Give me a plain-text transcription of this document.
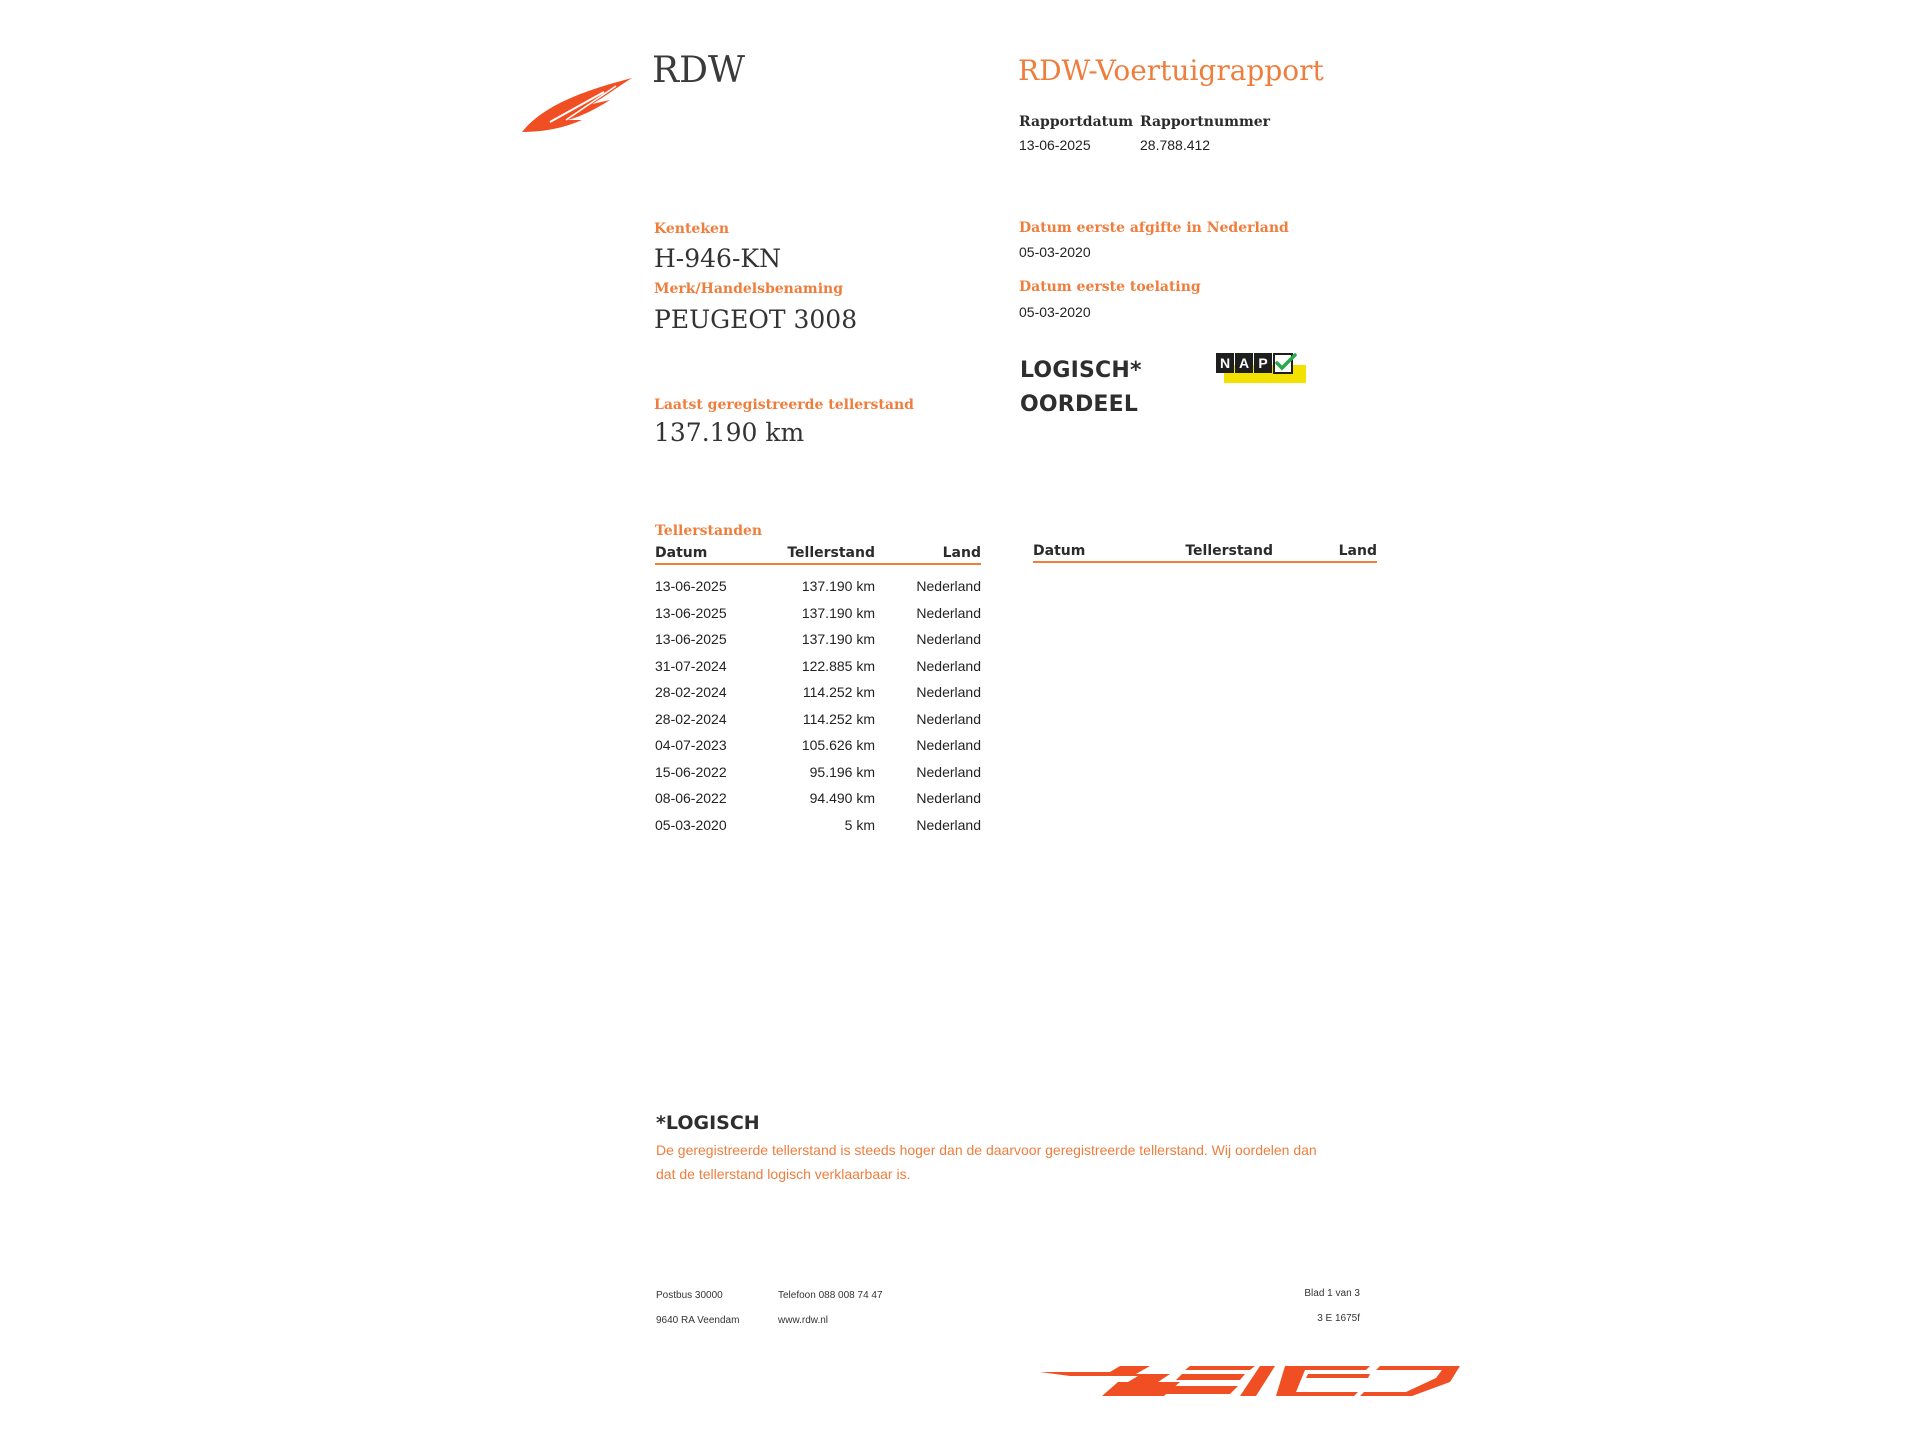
RDW	RDW-Voertuigrapport
Rapportdatum
13-06-2025
Rapportnummer
28.788.412
Kenteken
H-946-KN
Merk/Handelsbenaming
PEUGEOT 3008
Laatst geregistreerde tellerstand
137.190 km
Datum eerste afgifte in Nederland
05-03-2020
Datum eerste toelating
05-03-2020
LOGISCH*
OORDEEL
N A P
Tellerstanden
Datum	Tellerstand	Land

13-06-2025	137.190 km	Nederland
13-06-2025	137.190 km	Nederland
13-06-2025	137.190 km	Nederland
31-07-2024	122.885 km	Nederland
28-02-2024	114.252 km	Nederland
28-02-2024	114.252 km	Nederland
04-07-2023	105.626 km	Nederland
15-06-2022	95.196 km	Nederland
08-06-2022	94.490 km	Nederland
05-03-2020	5 km	Nederland
Datum	Tellerstand	Land
*LOGISCH
De geregistreerde tellerstand is steeds hoger dan de daarvoor geregistreerde tellerstand. Wij oordelen dan
dat de tellerstand logisch verklaarbaar is.
Postbus 30000
9640 RA Veendam
Telefoon 088 008 74 47
www.rdw.nl
Blad 1 van 3
3 E 1675f
